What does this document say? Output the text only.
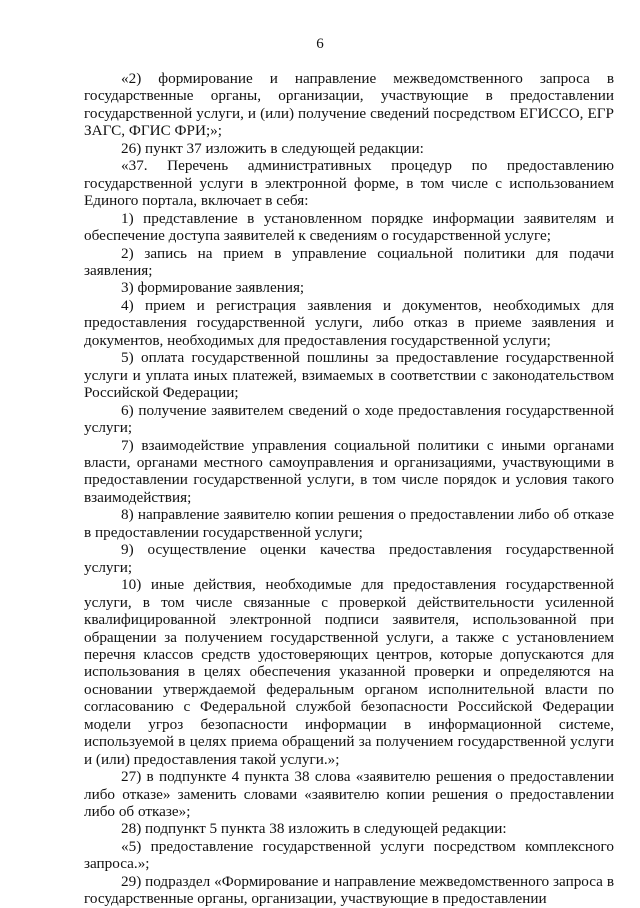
6

«2) формирование и направление межведомственного запроса в государственные органы, организации, участвующие в предоставлении государственной услуги, и (или) получение сведений посредством ЕГИССО, ЕГР ЗАГС, ФГИС ФРИ;»;

26) пункт 37 изложить в следующей редакции:

«37. Перечень административных процедур по предоставлению государственной услуги в электронной форме, в том числе с использованием Единого портала, включает в себя:

1) представление в установленном порядке информации заявителям и обеспечение доступа заявителей к сведениям о государственной услуге;

2) запись на прием в управление социальной политики для подачи заявления;

3) формирование заявления;

4) прием и регистрация заявления и документов, необходимых для предоставления государственной услуги, либо отказ в приеме заявления и документов, необходимых для предоставления государственной услуги;

5) оплата государственной пошлины за предоставление государственной услуги и уплата иных платежей, взимаемых в соответствии с законодательством Российской Федерации;

6) получение заявителем сведений о ходе предоставления государственной услуги;

7) взаимодействие управления социальной политики с иными органами власти, органами местного самоуправления и организациями, участвующими в предоставлении государственной услуги, в том числе порядок и условия такого взаимодействия;

8) направление заявителю копии решения о предоставлении либо об отказе в предоставлении государственной услуги;

9) осуществление оценки качества предоставления государственной услуги;

10) иные действия, необходимые для предоставления государственной услуги, в том числе связанные с проверкой действительности усиленной квалифицированной электронной подписи заявителя, использованной при обращении за получением государственной услуги, а также с установлением перечня классов средств удостоверяющих центров, которые допускаются для использования в целях обеспечения указанной проверки и определяются на основании утверждаемой федеральным органом исполнительной власти по согласованию с Федеральной службой безопасности Российской Федерации модели угроз безопасности информации в информационной системе, используемой в целях приема обращений за получением государственной услуги и (или) предоставления такой услуги.»;

27) в подпункте 4 пункта 38 слова «заявителю решения о предоставлении либо отказе» заменить словами «заявителю копии решения о предоставлении либо об отказе»;

28) подпункт 5 пункта 38 изложить в следующей редакции:

«5) предоставление государственной услуги посредством комплексного запроса.»;

29) подраздел «Формирование и направление межведомственного запроса в государственные органы, организации, участвующие в предоставлении
